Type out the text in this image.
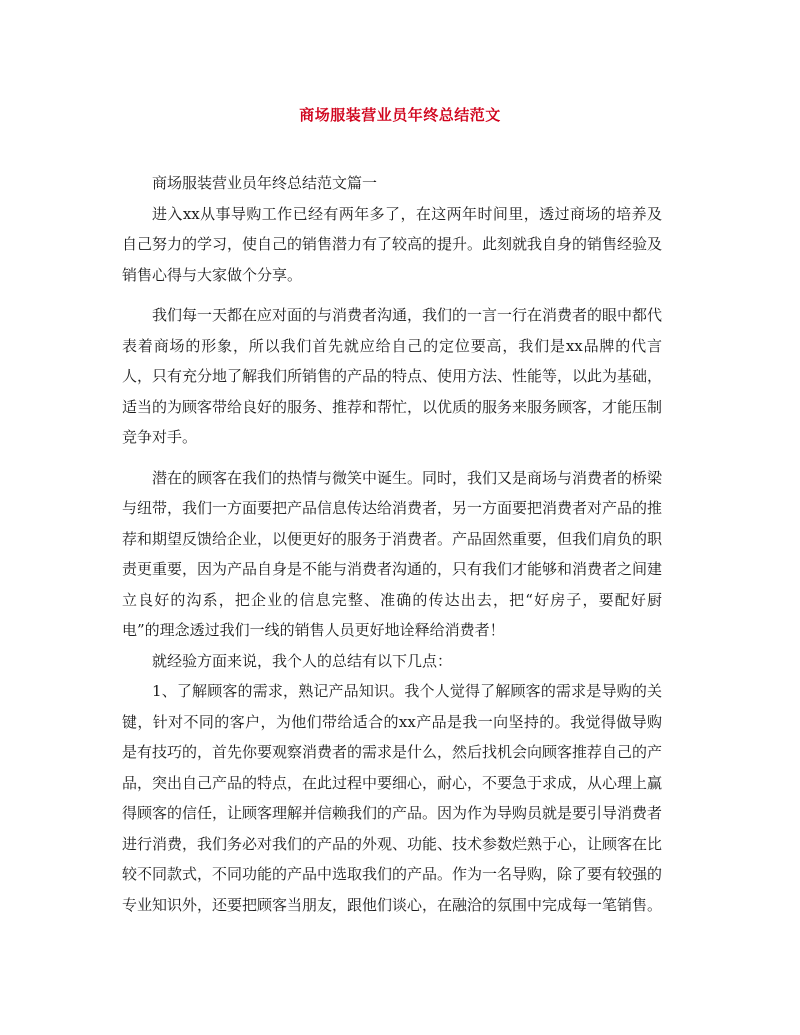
商场服装营业员年终总结范文

商场服装营业员年终总结范文篇一

进入xx从事导购工作已经有两年多了，在这两年时间里，透过商场的培养及自己努力的学习，使自己的销售潜力有了较高的提升。此刻就我自身的销售经验及销售心得与大家做个分享。

我们每一天都在应对面的与消费者沟通，我们的一言一行在消费者的眼中都代表着商场的形象，所以我们首先就应给自己的定位要高，我们是xx品牌的代言人，只有充分地了解我们所销售的产品的特点、使用方法、性能等，以此为基础，适当的为顾客带给良好的服务、推荐和帮忙，以优质的服务来服务顾客，才能压制竞争对手。

潜在的顾客在我们的热情与微笑中诞生。同时，我们又是商场与消费者的桥梁与纽带，我们一方面要把产品信息传达给消费者，另一方面要把消费者对产品的推荐和期望反馈给企业，以便更好的服务于消费者。产品固然重要，但我们肩负的职责更重要，因为产品自身是不能与消费者沟通的，只有我们才能够和消费者之间建立良好的沟系，把企业的信息完整、准确的传达出去，把“好房子，要配好厨电”的理念透过我们一线的销售人员更好地诠释给消费者！

就经验方面来说，我个人的总结有以下几点：

1、了解顾客的需求，熟记产品知识。我个人觉得了解顾客的需求是导购的关键，针对不同的客户，为他们带给适合的xx产品是我一向坚持的。我觉得做导购是有技巧的，首先你要观察消费者的需求是什么，然后找机会向顾客推荐自己的产品，突出自己产品的特点，在此过程中要细心，耐心，不要急于求成，从心理上赢得顾客的信任，让顾客理解并信赖我们的产品。因为作为导购员就是要引导消费者进行消费，我们务必对我们的产品的外观、功能、技术参数烂熟于心，让顾客在比较不同款式，不同功能的产品中选取我们的产品。作为一名导购，除了要有较强的专业知识外，还要把顾客当朋友，跟他们谈心，在融洽的氛围中完成每一笔销售。
